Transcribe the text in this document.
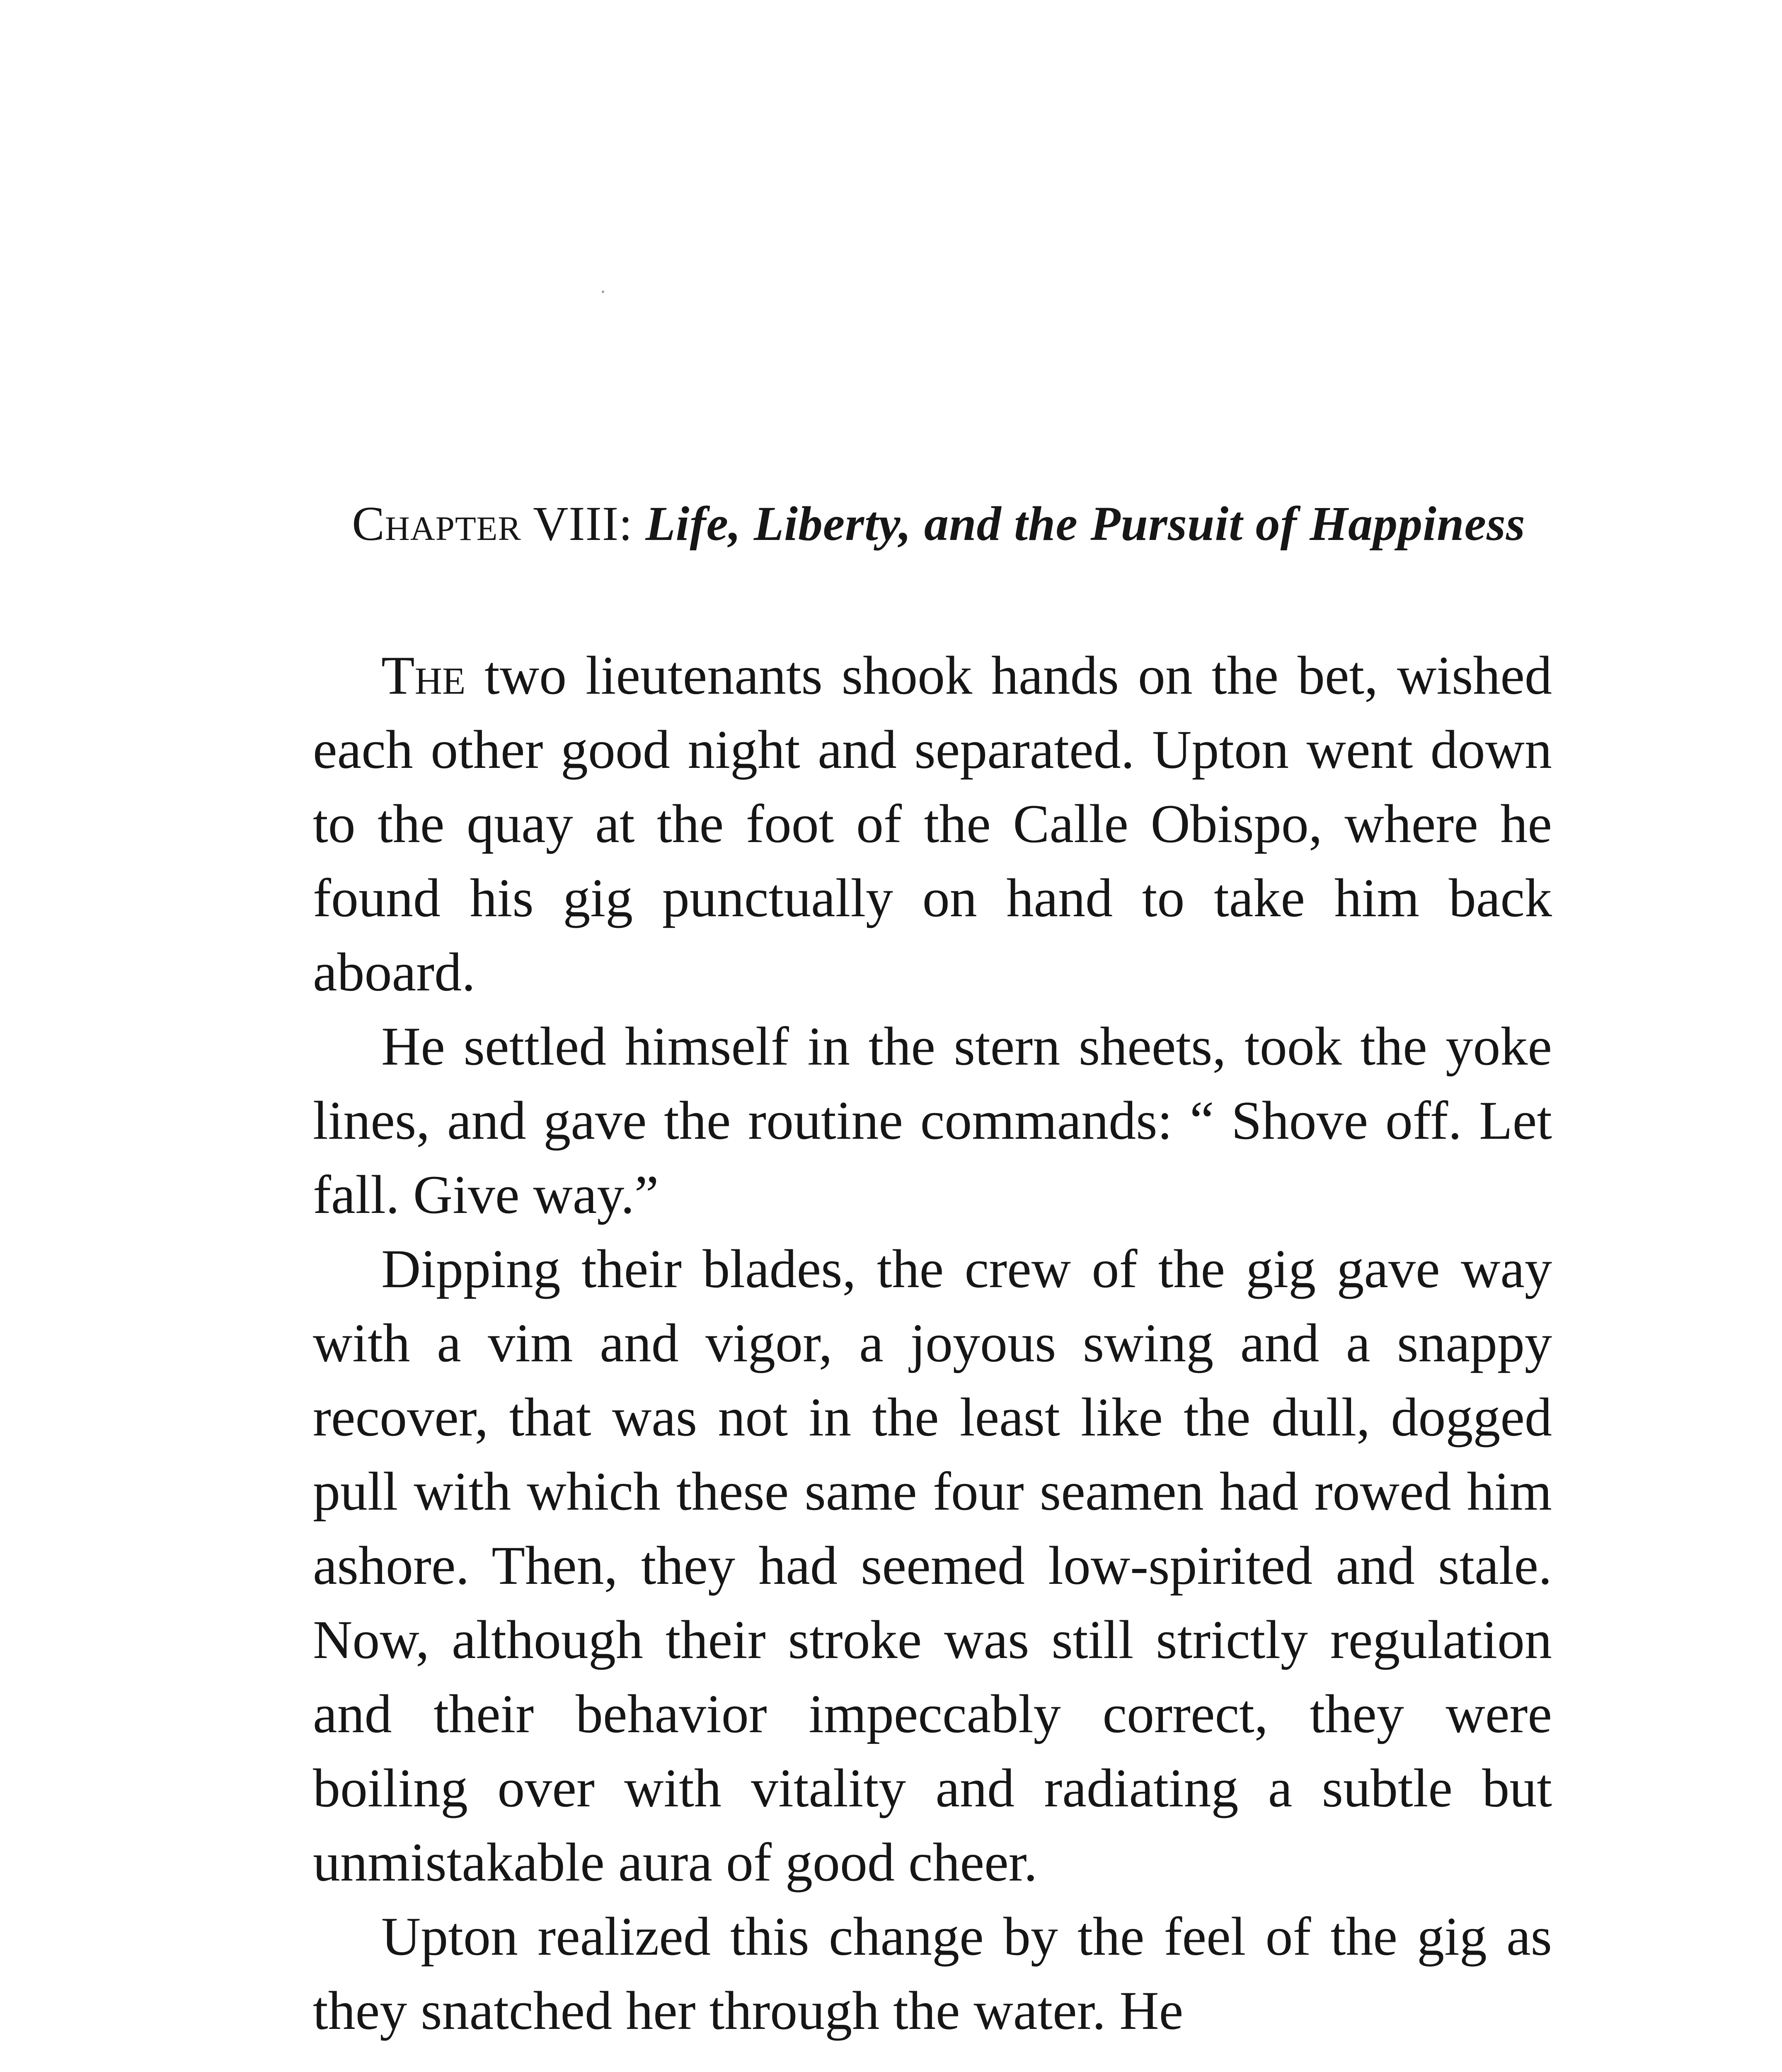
Chapter VIII: Life, Liberty, and the Pursuit of Happiness

The two lieutenants shook hands on the bet, wished each other good night and separated. Upton went down to the quay at the foot of the Calle Obispo, where he found his gig punctually on hand to take him back aboard.

He settled himself in the stern sheets, took the yoke lines, and gave the routine commands: “ Shove off. Let fall. Give way.”

Dipping their blades, the crew of the gig gave way with a vim and vigor, a joyous swing and a snappy recover, that was not in the least like the dull, dogged pull with which these same four seamen had rowed him ashore. Then, they had seemed low-spirited and stale. Now, although their stroke was still strictly regulation and their behavior impeccably correct, they were boiling over with vitality and radiating a subtle but unmistakable aura of good cheer.

Upton realized this change by the feel of the gig as they snatched her through the water. He
